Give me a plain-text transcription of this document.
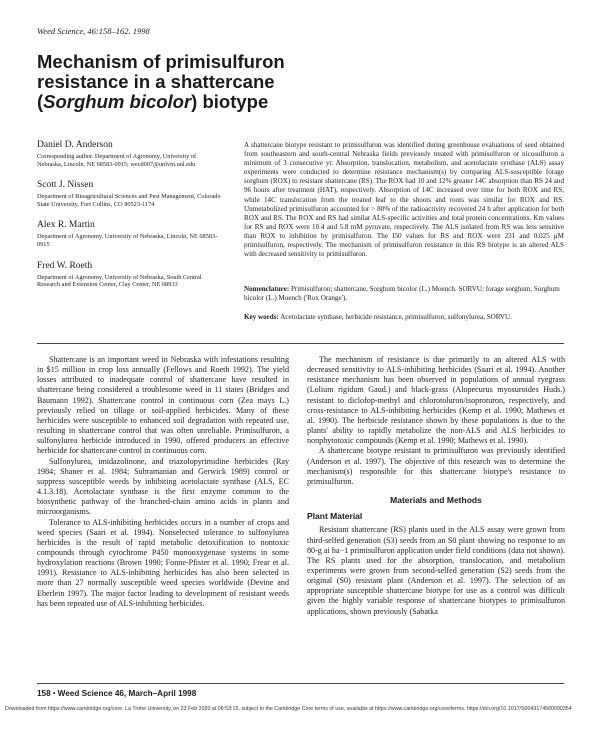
Weed Science, 46:158–162. 1998
Mechanism of primisulfuron resistance in a shattercane
(Sorghum bicolor) biotype
Daniel D. Anderson
Corresponding author. Department of Agronomy, University of Nebraska, Lincoln, NE 68583-0915; wecd007@unlvm.unl.edu
Scott J. Nissen
Department of Bioagricultural Sciences and Pest Management, Colorado State University, Fort Collins, CO 80523-1174
Alex R. Martin
Department of Agronomy, University of Nebraska, Lincoln, NE 68583-0915
Fred W. Roeth
Department of Agronomy, University of Nebraska, South Central Research and Extension Center, Clay Center, NE 68933
A shattercane biotype resistant to primisulfuron was identified during greenhouse evaluations of seed obtained from southeastern and south-central Nebraska fields previously treated with primisulfuron or nicosulfuron a minimum of 3 consecutive yr. Absorption, translocation, metabolism, and acetolactate synthase (ALS) assay experiments were conducted to determine resistance mechanism(s) by comparing ALS-susceptible forage sorghum (ROX) to resistant shattercane (RS). The ROX had 10 and 12% greater 14C absorption than RS 24 and 96 hours after treatment (HAT), respectively. Absorption of 14C increased over time for both ROX and RS, while 14C translocation from the treated leaf to the shoots and roots was similar for ROX and RS. Unmetabolized primisulfuron accounted for > 80% of the radioactivity recovered 24 h after application for both ROX and RS. The ROX and RS had similar ALS-specific activities and total protein concentrations. Km values for RS and ROX were 10.4 and 5.8 mM pyruvate, respectively. The ALS isolated from RS was less sensitive than ROX to inhibition by primisulfuron. The I50 values for RS and ROX were 231 and 0.025 μM primisulfuron, respectively. The mechanism of primisulfuron resistance in this RS biotype is an altered ALS with decreased sensitivity to primisulfuron.
Nomenclature: Primisulfuron; shattercane, Sorghum bicolor (L.) Moench. SORVU; forage sorghum, Sorghum bicolor (L.) Moench ('Rox Orange').
Key words: Acetolactate synthase, herbicide resistance, primisulfuron, sulfonylurea, SORVU.

Shattercane is an important weed in Nebraska with infestations resulting in $15 million in crop loss annually (Fellows and Roeth 1992). The yield losses attributed to inadequate control of shattercane have resulted in shattercane being considered a troublesome weed in 11 states (Bridges and Baumann 1992). Shattercane control in continuous corn (Zea mays L.) previously relied on tillage or soil-applied herbicides. Many of these herbicides were susceptible to enhanced soil degradation with repeated use, resulting in shattercane control that was often unreliable. Primisulfuron, a sulfonylurea herbicide introduced in 1990, offered producers an effective herbicide for shattercane control in continuous corn.

Sulfonylurea, imidazolinone, and triazolopyrimidine herbicides (Ray 1984; Shaner et al. 1984; Subramanian and Gerwick 1989) control or suppress susceptible weeds by inhibiting acetolactate synthase (ALS, EC 4.1.3.18). Acetolactate synthase is the first enzyme common to the biosynthetic pathway of the branched-chain amino acids in plants and microorganisms.

Tolerance to ALS-inhibiting herbicides occurs in a number of crops and weed species (Saari et al. 1994). Nonselected tolerance to sulfonylurea herbicides is the result of rapid metabolic detoxification to nontoxic compounds through cytochrome P450 monooxygenase systems in some hydroxylation reactions (Brown 1990; Fonne-Pfister et al. 1990; Frear et al. 1991). Resistance to ALS-inhibiting herbicides has also been selected in more than 27 normally susceptible weed species worldwide (Devine and Eberlein 1997). The major factor leading to development of resistant weeds has been repeated use of ALS-inhibiting herbicides.

The mechanism of resistance is due primarily to an altered ALS with decreased sensitivity to ALS-inhibiting herbicides (Saari et al. 1994). Another resistance mechanism has been observed in populations of annual ryegrass (Lolium rigidum Gaud.) and black-grass (Alopecurus myosuroides Huds.) resistant to diclofop-methyl and chlorotoluron/isoproturon, respectively, and cross-resistance to ALS-inhibiting herbicides (Kemp et al. 1990; Mathews et al. 1990). The herbicide resistance shown by these populations is due to the plants' ability to rapidly metabolize the non-ALS and ALS herbicides to nonphytotoxic compounds (Kemp et al. 1990; Mathews et al. 1990).

A shattercane biotype resistant to primisulfuron was previously identified (Anderson et al. 1997). The objective of this research was to determine the mechanism(s) responsible for this shattercane biotype's resistance to primisulfuron.

Materials and Methods
Plant Material

Resistant shattercane (RS) plants used in the ALS assay were grown from third-selfed generation (S3) seeds from an S0 plant showing no response to an 80-g ai ha−1 primisulfuron application under field conditions (data not shown). The RS plants used for the absorption, translocation, and metabolism experiments were grown from second-selfed generation (S2) seeds from the original (S0) resistant plant (Anderson et al. 1997). The selection of an appropriate susceptible shattercane biotype for use as a control was difficult given the highly variable response of shattercane biotypes to primisulfuron applications, shown previously (Sabatka

158 • Weed Science 46, March–April 1998
Downloaded from https://www.cambridge.org/core. La Trobe University, on 23 Feb 2020 at 06:53:15, subject to the Cambridge Core terms of use, available at https://www.cambridge.org/core/terms. https://doi.org/10.1017/S0043174500090354
